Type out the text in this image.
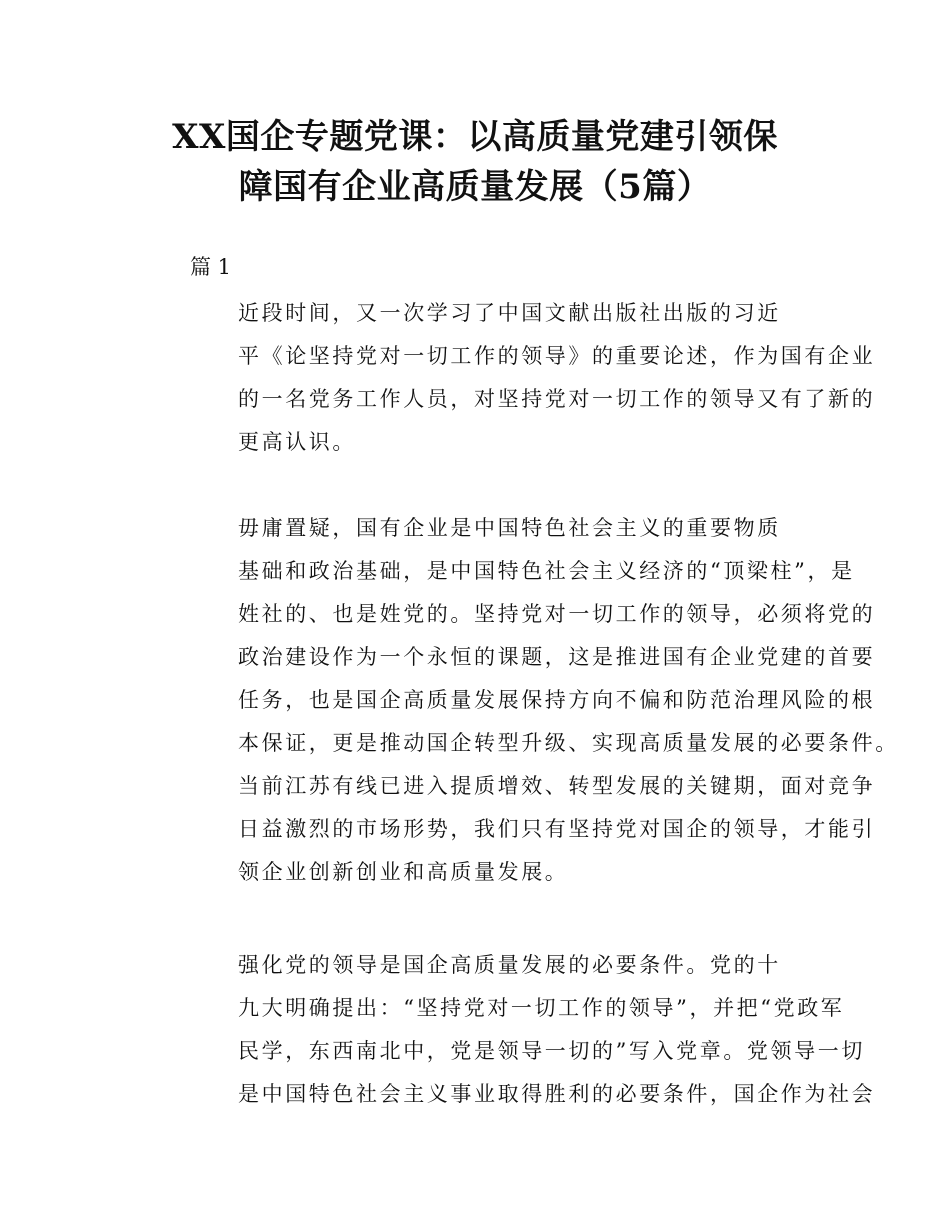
XX国企专题党课：以高质量党建引领保
障国有企业高质量发展（5篇）

篇 1

近段时间，又一次学习了中国文献出版社出版的习近
平《论坚持党对一切工作的领导》的重要论述，作为国有企业
的一名党务工作人员，对坚持党对一切工作的领导又有了新的
更高认识。

毋庸置疑，国有企业是中国特色社会主义的重要物质
基础和政治基础，是中国特色社会主义经济的“顶梁柱”，是
姓社的、也是姓党的。坚持党对一切工作的领导，必须将党的
政治建设作为一个永恒的课题，这是推进国有企业党建的首要
任务，也是国企高质量发展保持方向不偏和防范治理风险的根
本保证，更是推动国企转型升级、实现高质量发展的必要条件。
当前江苏有线已进入提质增效、转型发展的关键期，面对竞争
日益激烈的市场形势，我们只有坚持党对国企的领导，才能引
领企业创新创业和高质量发展。

强化党的领导是国企高质量发展的必要条件。党的十
九大明确提出：“坚持党对一切工作的领导”，并把“党政军
民学，东西南北中，党是领导一切的”写入党章。党领导一切
是中国特色社会主义事业取得胜利的必要条件，国企作为社会
